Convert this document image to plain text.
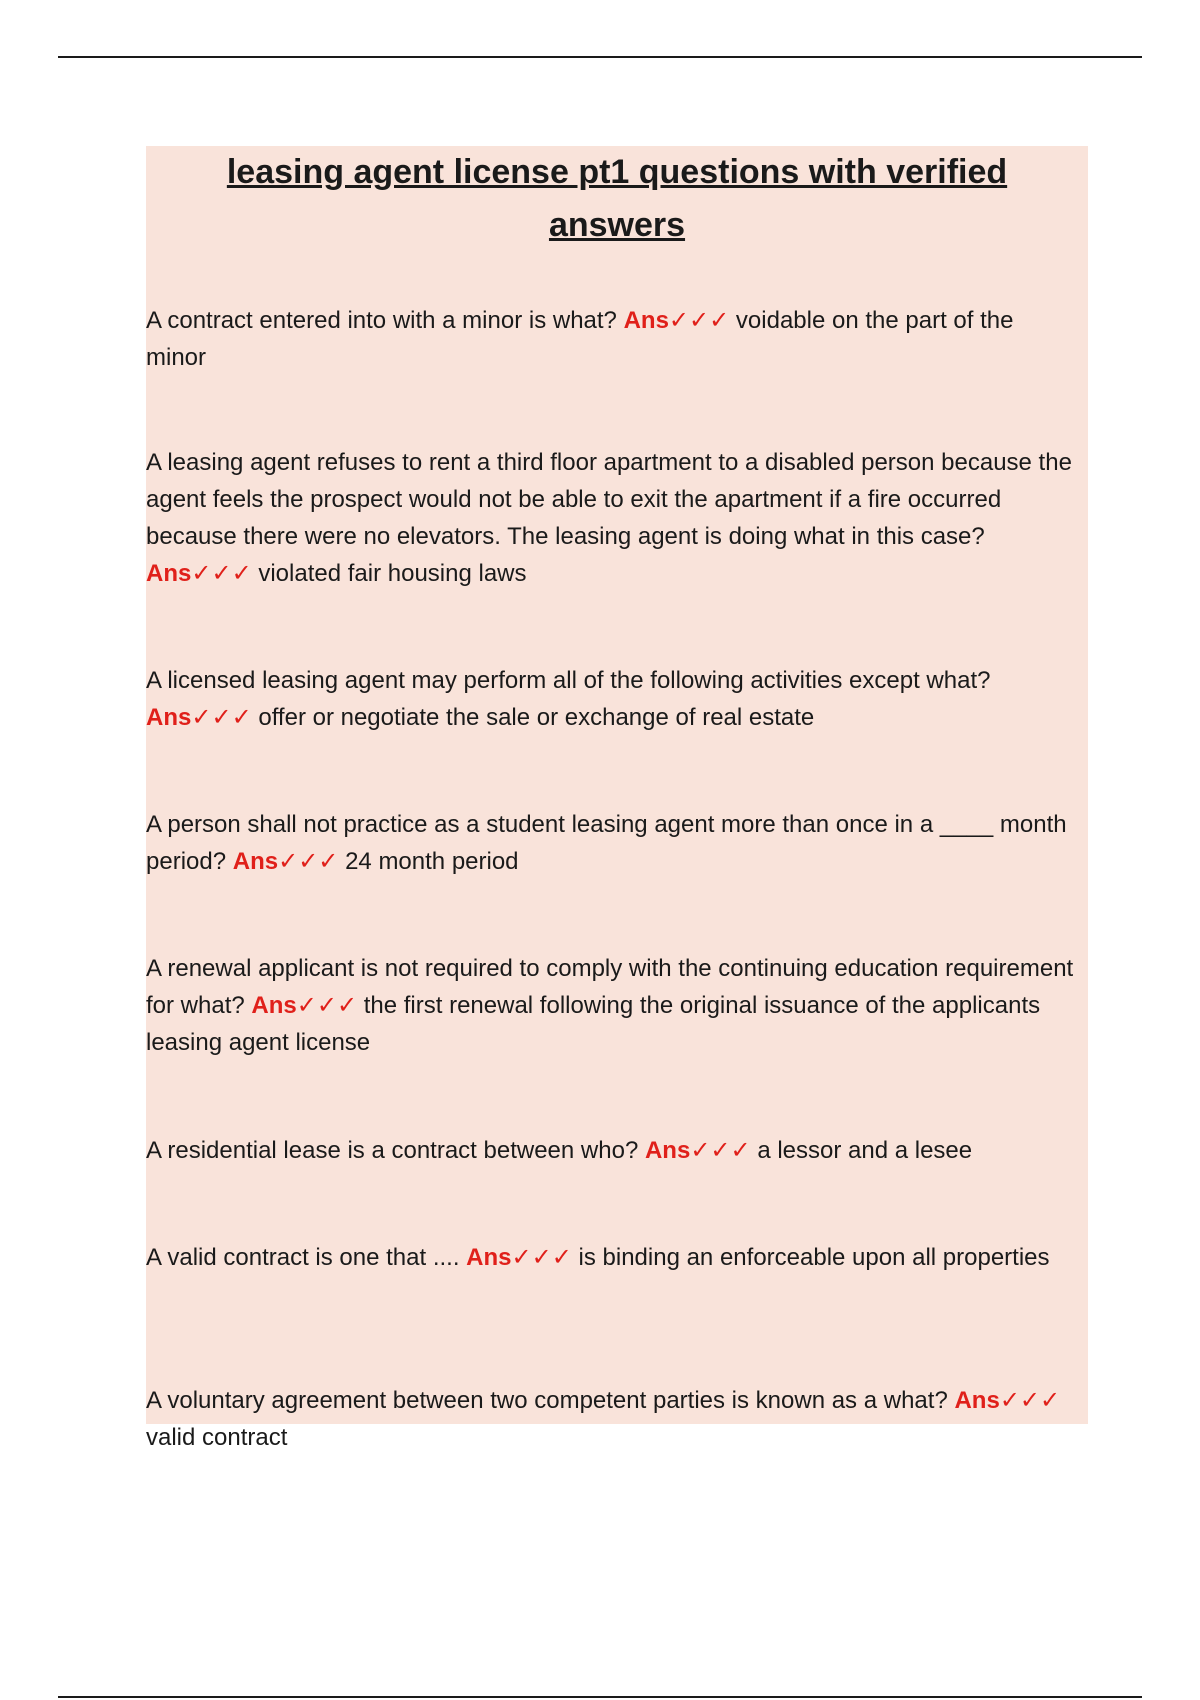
leasing agent license pt1 questions with verified answers
A contract entered into with a minor is what? Ans✓✓✓ voidable on the part of the minor
A leasing agent refuses to rent a third floor apartment to a disabled person because the agent feels the prospect would not be able to exit the apartment if a fire occurred because there were no elevators. The leasing agent is doing what in this case? Ans✓✓✓ violated fair housing laws
A licensed leasing agent may perform all of the following activities except what? Ans✓✓✓ offer or negotiate the sale or exchange of real estate
A person shall not practice as a student leasing agent more than once in a ____ month period? Ans✓✓✓ 24 month period
A renewal applicant is not required to comply with the continuing education requirement for what? Ans✓✓✓ the first renewal following the original issuance of the applicants leasing agent license
A residential lease is a contract between who? Ans✓✓✓ a lessor and a lesee
A valid contract is one that .... Ans✓✓✓ is binding an enforceable upon all properties
A voluntary agreement between two competent parties is known as a what? Ans✓✓✓ valid contract
